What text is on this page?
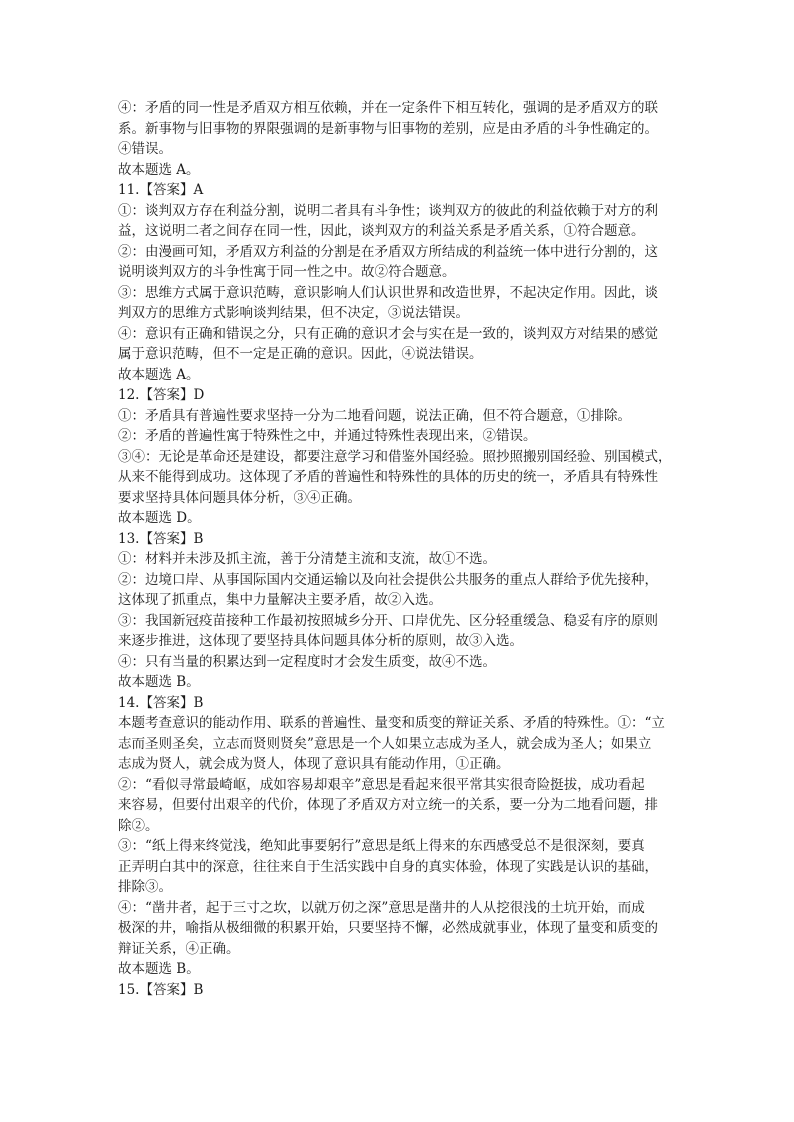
④：矛盾的同一性是矛盾双方相互依赖，并在一定条件下相互转化，强调的是矛盾双方的联

系。新事物与旧事物的界限强调的是新事物与旧事物的差别，应是由矛盾的斗争性确定的。

④错误。

故本题选 A。

11.【答案】A

①：谈判双方存在利益分割，说明二者具有斗争性；谈判双方的彼此的利益依赖于对方的利

益，这说明二者之间存在同一性，因此，谈判双方的利益关系是矛盾关系，①符合题意。

②：由漫画可知，矛盾双方利益的分割是在矛盾双方所结成的利益统一体中进行分割的，这

说明谈判双方的斗争性寓于同一性之中。故②符合题意。

③：思维方式属于意识范畴，意识影响人们认识世界和改造世界，不起决定作用。因此，谈

判双方的思维方式影响谈判结果，但不决定，③说法错误。

④：意识有正确和错误之分，只有正确的意识才会与实在是一致的，谈判双方对结果的感觉

属于意识范畴，但不一定是正确的意识。因此，④说法错误。

故本题选 A。

12.【答案】D

①：矛盾具有普遍性要求坚持一分为二地看问题，说法正确，但不符合题意，①排除。

②：矛盾的普遍性寓于特殊性之中，并通过特殊性表现出来，②错误。

③④：无论是革命还是建设，都要注意学习和借鉴外国经验。照抄照搬别国经验、别国模式，

从来不能得到成功。这体现了矛盾的普遍性和特殊性的具体的历史的统一，矛盾具有特殊性

要求坚持具体问题具体分析，③④正确。

故本题选 D。

13.【答案】B

①：材料并未涉及抓主流，善于分清楚主流和支流，故①不选。

②：边境口岸、从事国际国内交通运输以及向社会提供公共服务的重点人群给予优先接种，

这体现了抓重点，集中力量解决主要矛盾，故②入选。

③：我国新冠疫苗接种工作最初按照城乡分开、口岸优先、区分轻重缓急、稳妥有序的原则

来逐步推进，这体现了要坚持具体问题具体分析的原则，故③入选。

④：只有当量的积累达到一定程度时才会发生质变，故④不选。

故本题选 B。

14.【答案】B

本题考查意识的能动作用、联系的普遍性、量变和质变的辩证关系、矛盾的特殊性。①：“立

志而圣则圣矣，立志而贤则贤矣”意思是一个人如果立志成为圣人，就会成为圣人；如果立

志成为贤人，就会成为贤人，体现了意识具有能动作用，①正确。

②：“看似寻常最崎岖，成如容易却艰辛”意思是看起来很平常其实很奇险挺拔，成功看起

来容易，但要付出艰辛的代价，体现了矛盾双方对立统一的关系，要一分为二地看问题，排

除②。

③：“纸上得来终觉浅，绝知此事要躬行”意思是纸上得来的东西感受总不是很深刻，要真

正弄明白其中的深意，往往来自于生活实践中自身的真实体验，体现了实践是认识的基础，

排除③。

④：“凿井者，起于三寸之坎，以就万仞之深”意思是凿井的人从挖很浅的土坑开始，而成

极深的井，喻指从极细微的积累开始，只要坚持不懈，必然成就事业，体现了量变和质变的

辩证关系，④正确。

故本题选 B。

15.【答案】B
